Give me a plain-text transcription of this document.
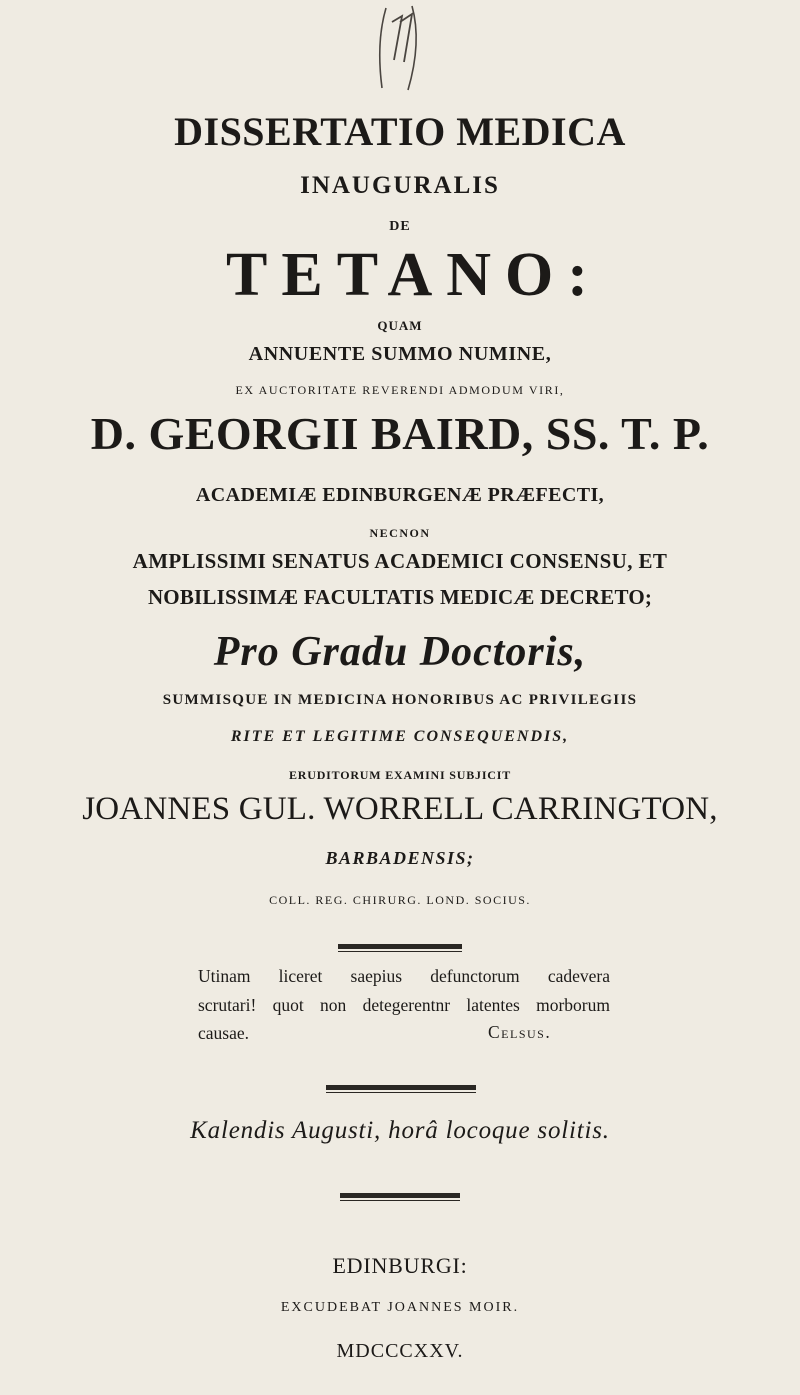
DISSERTATIO MEDICA
INAUGURALIS
DE
TETANO:
QUAM
ANNUENTE SUMMO NUMINE,
EX AUCTORITATE REVERENDI ADMODUM VIRI,
D. GEORGII BAIRD, SS. T. P.
ACADEMIÆ EDINBURGENÆ PRÆFECTI,
NECNON
AMPLISSIMI SENATUS ACADEMICI CONSENSU, ET
NOBILISSIMÆ FACULTATIS MEDICÆ DECRETO;
Pro Gradu Doctoris,
SUMMISQUE IN MEDICINA HONORIBUS AC PRIVILEGIIS
RITE ET LEGITIME CONSEQUENDIS,
ERUDITORUM EXAMINI SUBJICIT
JOANNES GUL. WORRELL CARRINGTON,
BARBADENSIS;
COLL. REG. CHIRURG. LOND. SOCIUS.
Utinam liceret saepius defunctorum cadevera
scrutari! quot non detegerentnr latentes morborum
causae.	Celsus.
Kalendis Augusti, horâ locoque solitis.
EDINBURGI:
EXCUDEBAT JOANNES MOIR.
MDCCCXXV.
